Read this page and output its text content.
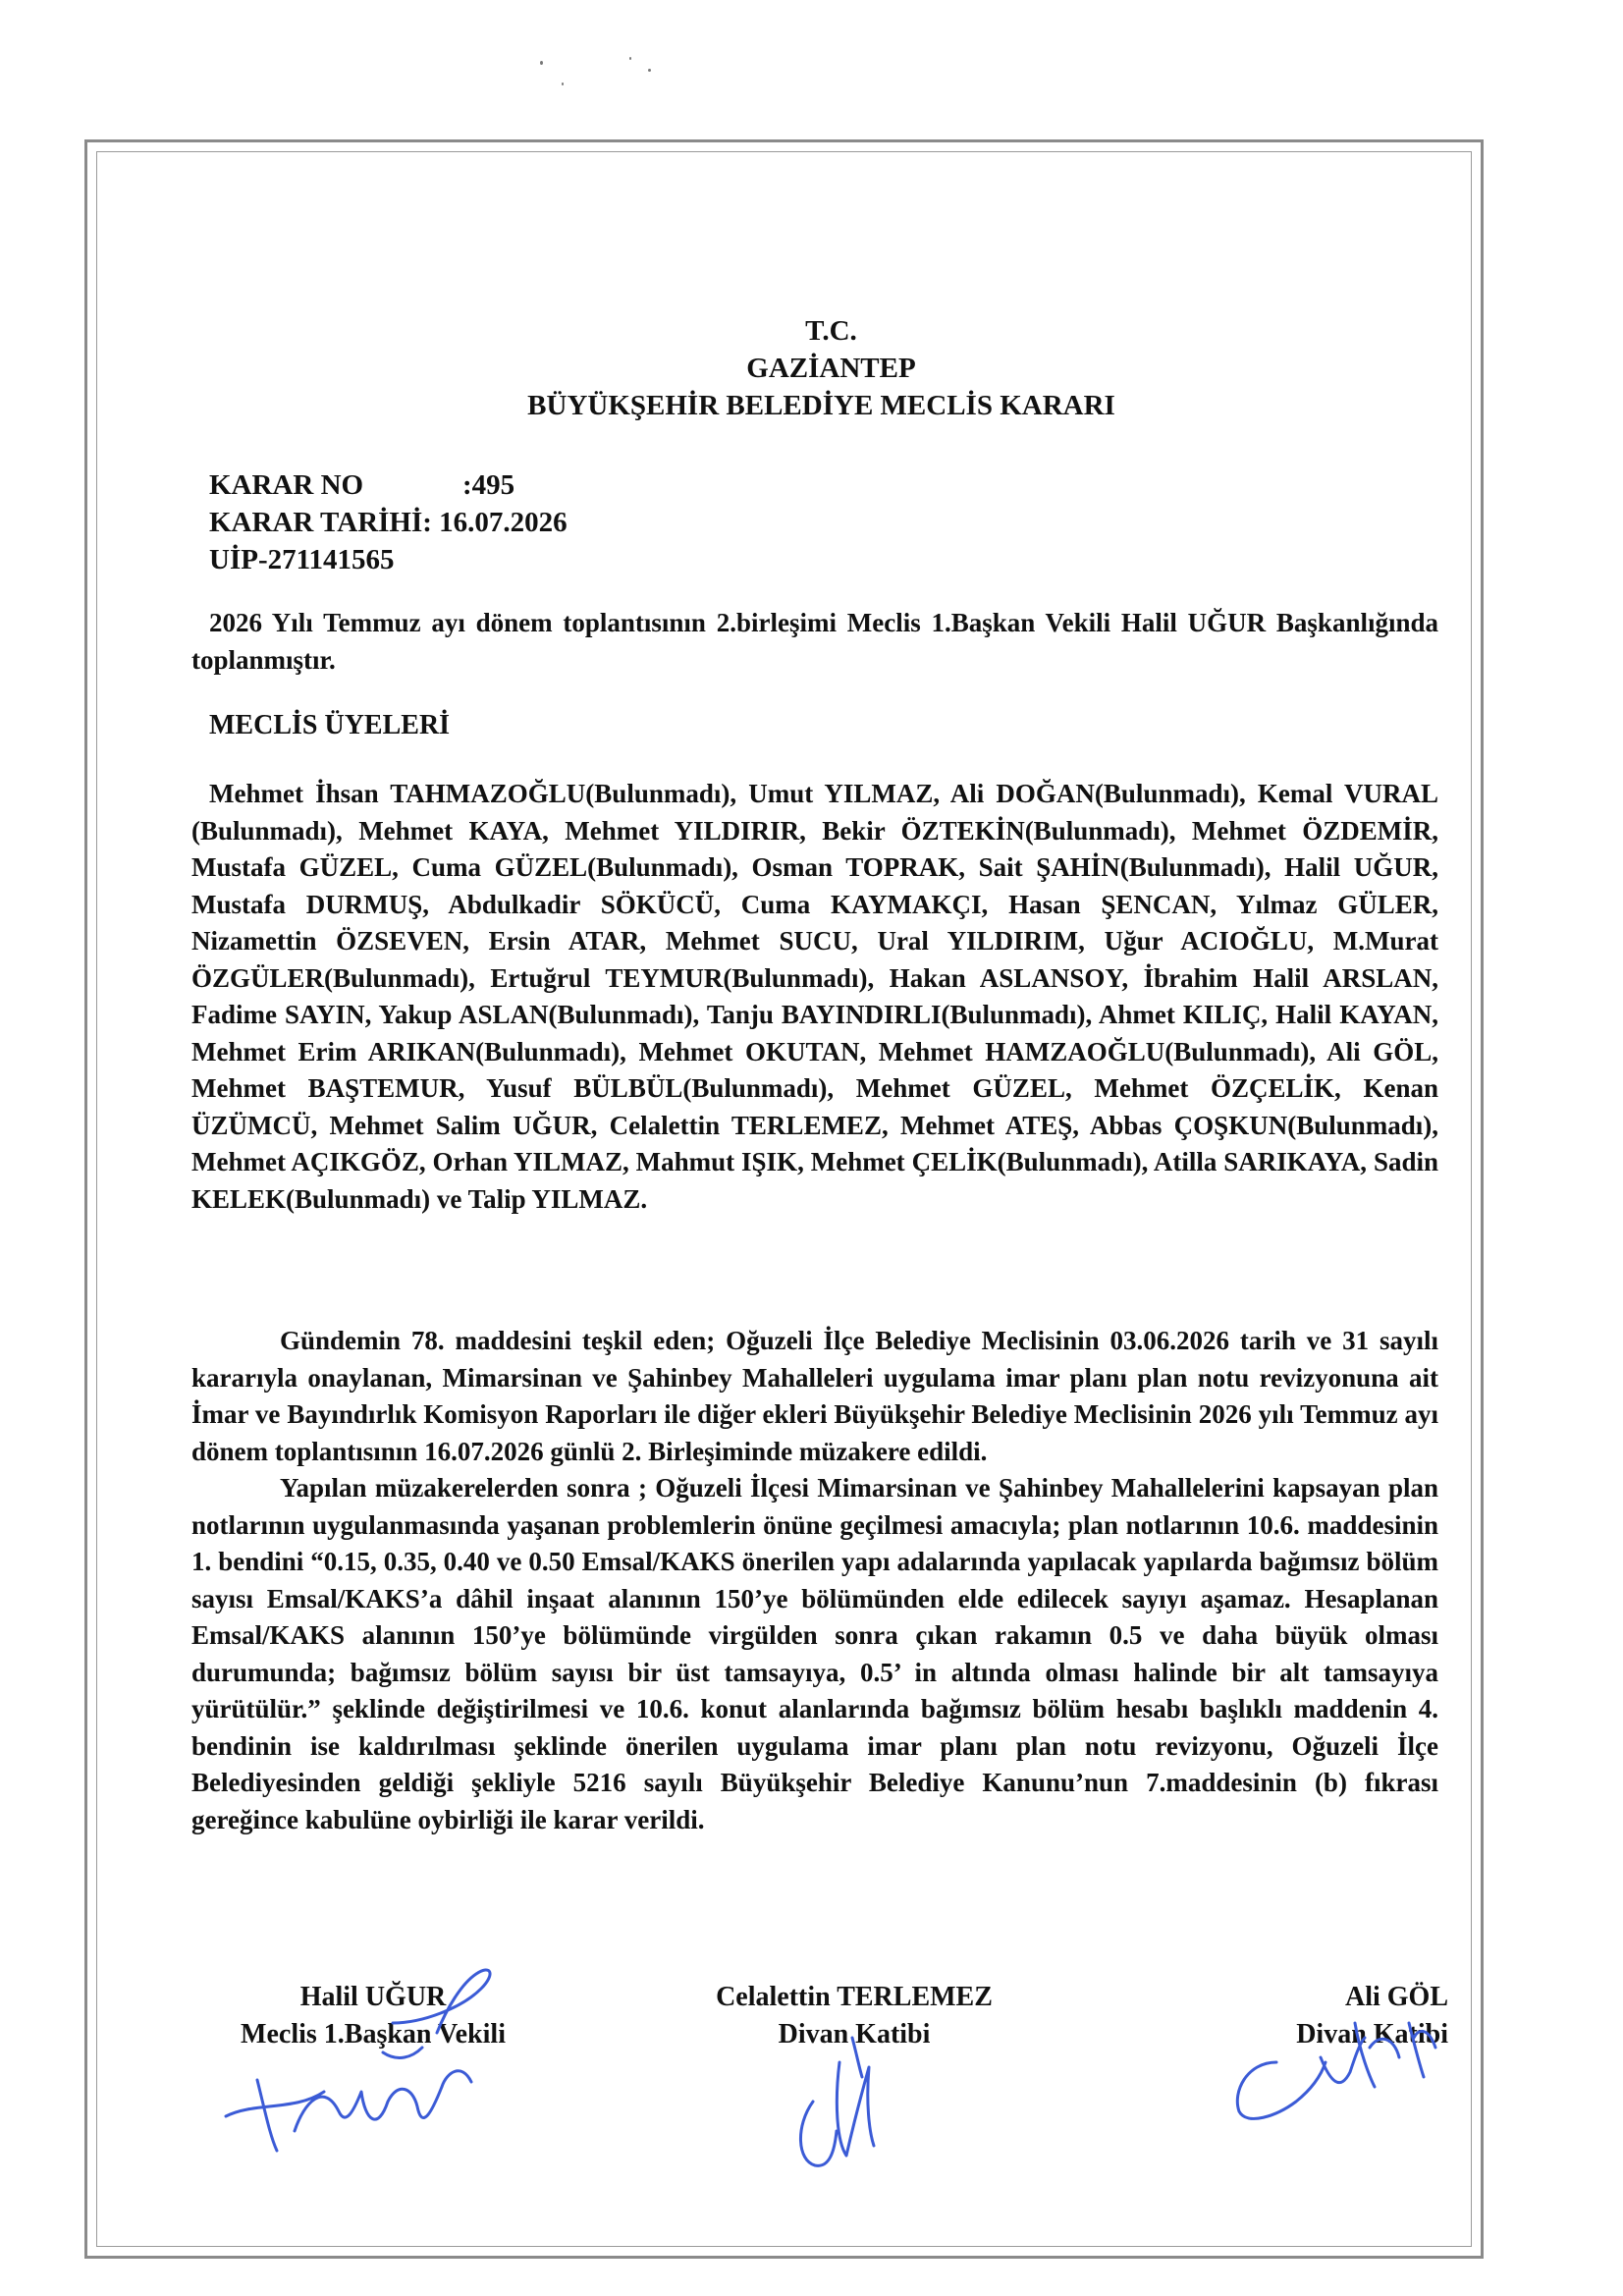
T.C.
GAZİANTEP
BÜYÜKŞEHİR BELEDİYE MECLİS KARARI
KARAR NO	:495
KARAR TARİHİ: 16.07.2026
UİP-271141565

2026 Yılı Temmuz ayı dönem toplantısının 2.birleşimi Meclis 1.Başkan Vekili Halil UĞUR Başkanlığında toplanmıştır.

MECLİS ÜYELERİ

Mehmet İhsan TAHMAZOĞLU(Bulunmadı), Umut YILMAZ, Ali DOĞAN(Bulunmadı), Kemal VURAL (Bulunmadı), Mehmet KAYA, Mehmet YILDIRIR, Bekir ÖZTEKİN(Bulunmadı), Mehmet ÖZDEMİR, Mustafa GÜZEL, Cuma GÜZEL(Bulunmadı), Osman TOPRAK, Sait ŞAHİN(Bulunmadı), Halil UĞUR, Mustafa DURMUŞ, Abdulkadir SÖKÜCÜ, Cuma KAYMAKÇI, Hasan ŞENCAN, Yılmaz GÜLER, Nizamettin ÖZSEVEN, Ersin ATAR, Mehmet SUCU, Ural YILDIRIM, Uğur ACIOĞLU, M.Murat ÖZGÜLER(Bulunmadı), Ertuğrul TEYMUR(Bulunmadı), Hakan ASLANSOY, İbrahim Halil ARSLAN, Fadime SAYIN, Yakup ASLAN(Bulunmadı), Tanju BAYINDIRLI(Bulunmadı), Ahmet KILIÇ, Halil KAYAN, Mehmet Erim ARIKAN(Bulunmadı), Mehmet OKUTAN, Mehmet HAMZAOĞLU(Bulunmadı), Ali GÖL, Mehmet BAŞTEMUR, Yusuf BÜLBÜL(Bulunmadı), Mehmet GÜZEL, Mehmet ÖZÇELİK, Kenan ÜZÜMCÜ, Mehmet Salim UĞUR, Celalettin TERLEMEZ, Mehmet ATEŞ, Abbas ÇOŞKUN(Bulunmadı), Mehmet AÇIKGÖZ, Orhan YILMAZ, Mahmut IŞIK, Mehmet ÇELİK(Bulunmadı), Atilla SARIKAYA, Sadin KELEK(Bulunmadı) ve Talip YILMAZ.

Gündemin 78. maddesini teşkil eden; Oğuzeli İlçe Belediye Meclisinin 03.06.2026 tarih ve 31 sayılı kararıyla onaylanan, Mimarsinan ve Şahinbey Mahalleleri uygulama imar planı plan notu revizyonuna ait İmar ve Bayındırlık Komisyon Raporları ile diğer ekleri Büyükşehir Belediye Meclisinin 2026 yılı Temmuz ayı dönem toplantısının 16.07.2026 günlü 2. Birleşiminde müzakere edildi.

Yapılan müzakerelerden sonra ; Oğuzeli İlçesi Mimarsinan ve Şahinbey Mahallelerini kapsayan plan notlarının uygulanmasında yaşanan problemlerin önüne geçilmesi amacıyla; plan notlarının 10.6. maddesinin 1. bendini “0.15, 0.35, 0.40 ve 0.50 Emsal/KAKS önerilen yapı adalarında yapılacak yapılarda bağımsız bölüm sayısı Emsal/KAKS’a dâhil inşaat alanının 150’ye bölümünden elde edilecek sayıyı aşamaz. Hesaplanan Emsal/KAKS alanının 150’ye bölümünde virgülden sonra çıkan rakamın 0.5 ve daha büyük olması durumunda; bağımsız bölüm sayısı bir üst tamsayıya, 0.5’ in altında olması halinde bir alt tamsayıya yürütülür.” şeklinde değiştirilmesi ve 10.6. konut alanlarında bağımsız bölüm hesabı başlıklı maddenin 4. bendinin ise kaldırılması şeklinde önerilen uygulama imar planı plan notu revizyonu, Oğuzeli İlçe Belediyesinden geldiği şekliyle 5216 sayılı Büyükşehir Belediye Kanunu’nun 7.maddesinin (b) fıkrası gereğince kabulüne oybirliği ile karar verildi.

Halil UĞUR
Meclis 1.Başkan Vekili
Celalettin TERLEMEZ
Divan Katibi
Ali GÖL
Divan Katibi
